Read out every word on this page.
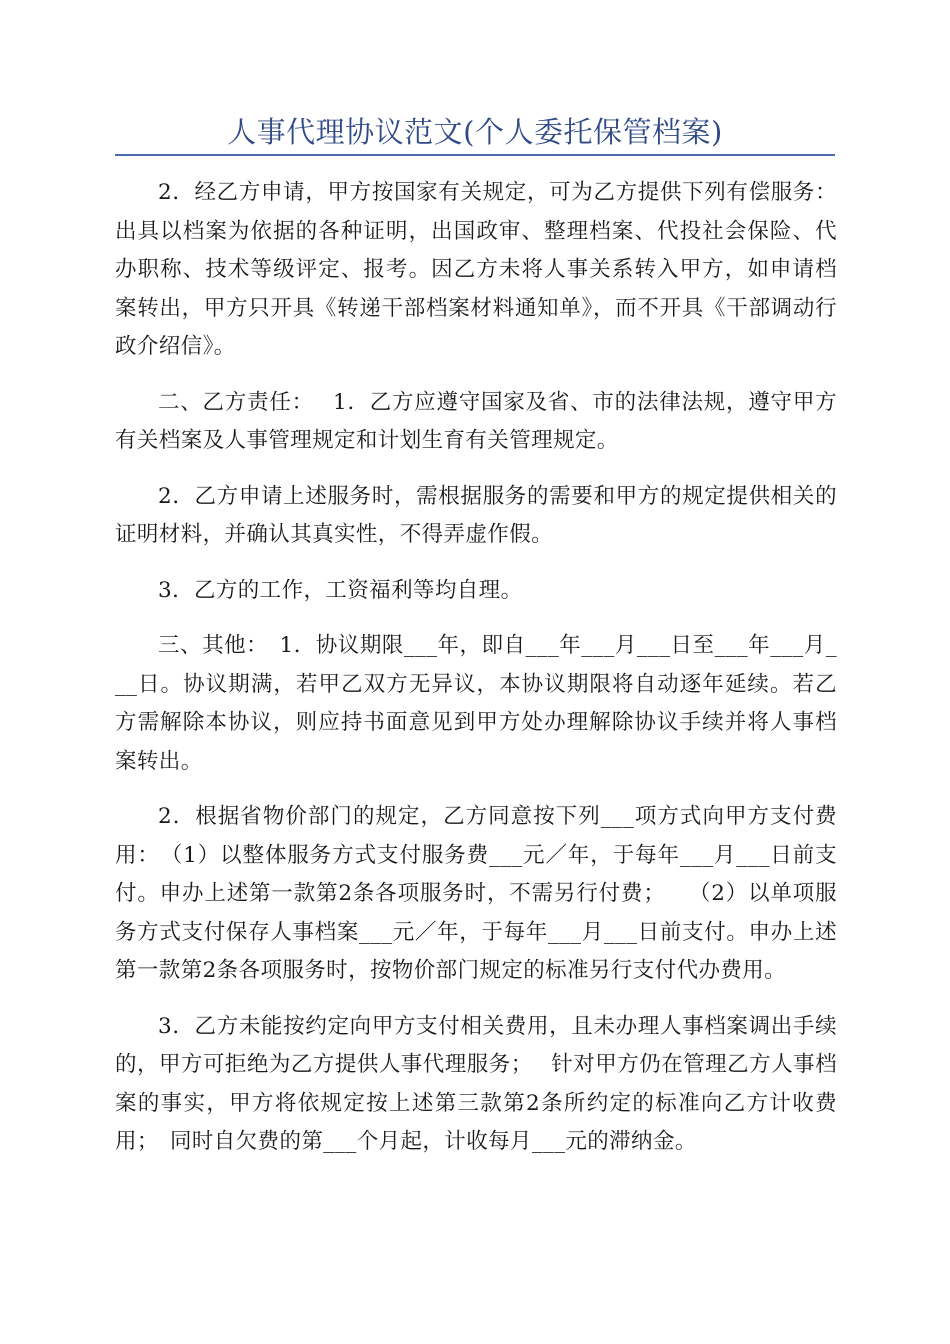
人事代理协议范文(个人委托保管档案)

2．经乙方申请，甲方按国家有关规定，可为乙方提供下列有偿服务：出具以档案为依据的各种证明，出国政审、整理档案、代投社会保险、代办职称、技术等级评定、报考。因乙方未将人事关系转入甲方，如申请档案转出，甲方只开具《转递干部档案材料通知单》，而不开具《干部调动行政介绍信》。

二、乙方责任：　 1．乙方应遵守国家及省、市的法律法规，遵守甲方有关档案及人事管理规定和计划生育有关管理规定。

2．乙方申请上述服务时，需根据服务的需要和甲方的规定提供相关的证明材料，并确认其真实性，不得弄虚作假。

3．乙方的工作，工资福利等均自理。

三、其他：　1．协议期限___年，即自___年___月___日至___年___月___日。协议期满，若甲乙双方无异议，本协议期限将自动逐年延续。若乙方需解除本协议，则应持书面意见到甲方处办理解除协议手续并将人事档案转出。

2．根据省物价部门的规定，乙方同意按下列___项方式向甲方支付费用：　（1）以整体服务方式支付服务费___元／年，于每年___月___日前支付。申办上述第一款第2条各项服务时，不需另行付费；　　（2）以单项服务方式支付保存人事档案___元／年，于每年___月___日前支付。申办上述第一款第2条各项服务时，按物价部门规定的标准另行支付代办费用。

3．乙方未能按约定向甲方支付相关费用，且未办理人事档案调出手续的，甲方可拒绝为乙方提供人事代理服务；　 针对甲方仍在管理乙方人事档案的事实，甲方将依规定按上述第三款第2条所约定的标准向乙方计收费用；　同时自欠费的第___个月起，计收每月___元的滞纳金。
